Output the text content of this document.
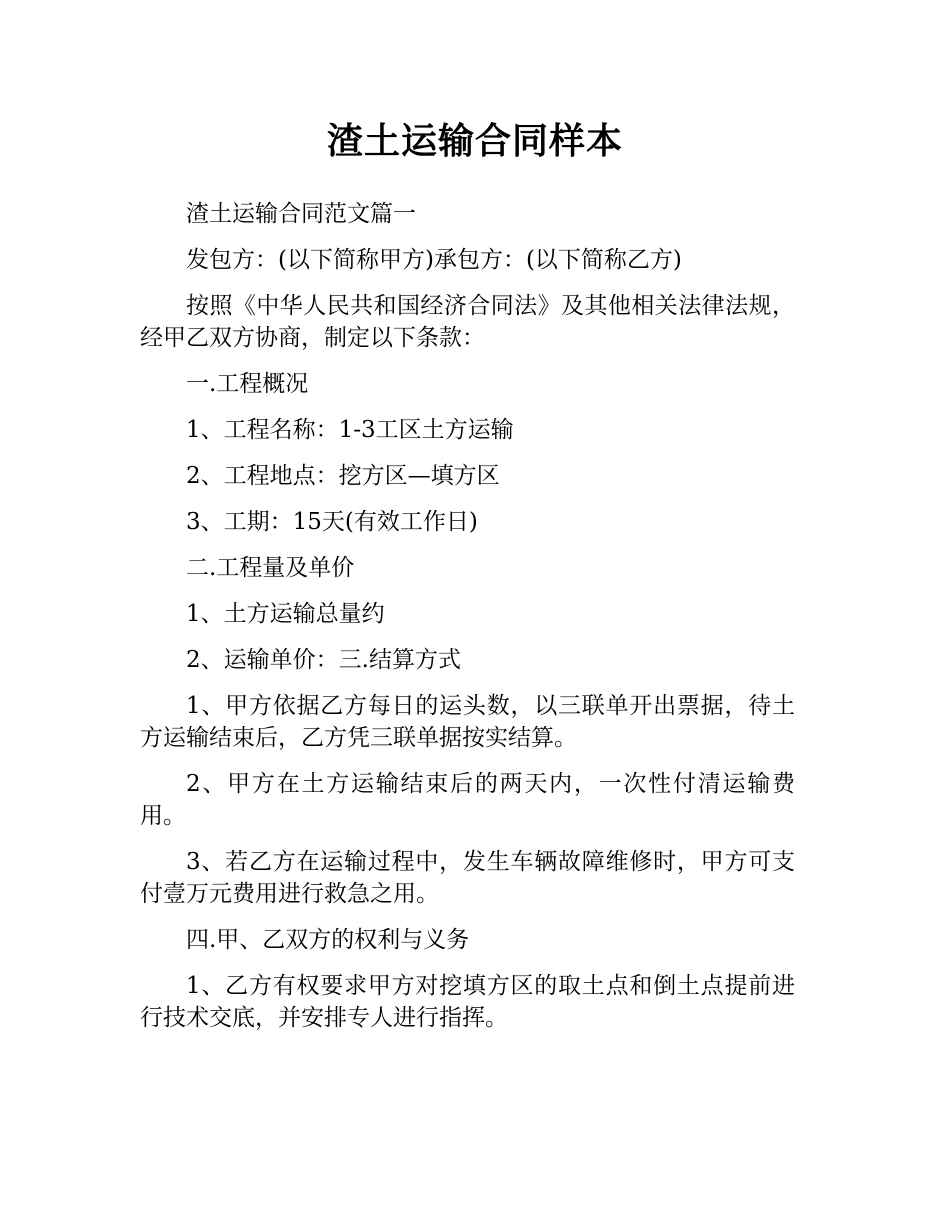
渣土运输合同样本

渣土运输合同范文篇一

发包方：(以下简称甲方)承包方：(以下简称乙方)

按照《中华人民共和国经济合同法》及其他相关法律法规，经甲乙双方协商，制定以下条款：

一.工程概况

1、工程名称：1-3工区土方运输

2、工程地点：挖方区—填方区

3、工期：15天(有效工作日)

二.工程量及单价

1、土方运输总量约

2、运输单价：三.结算方式

1、甲方依据乙方每日的运头数，以三联单开出票据，待土方运输结束后，乙方凭三联单据按实结算。

2、甲方在土方运输结束后的两天内，一次性付清运输费用。

3、若乙方在运输过程中，发生车辆故障维修时，甲方可支付壹万元费用进行救急之用。

四.甲、乙双方的权利与义务

1、乙方有权要求甲方对挖填方区的取土点和倒土点提前进行技术交底，并安排专人进行指挥。
